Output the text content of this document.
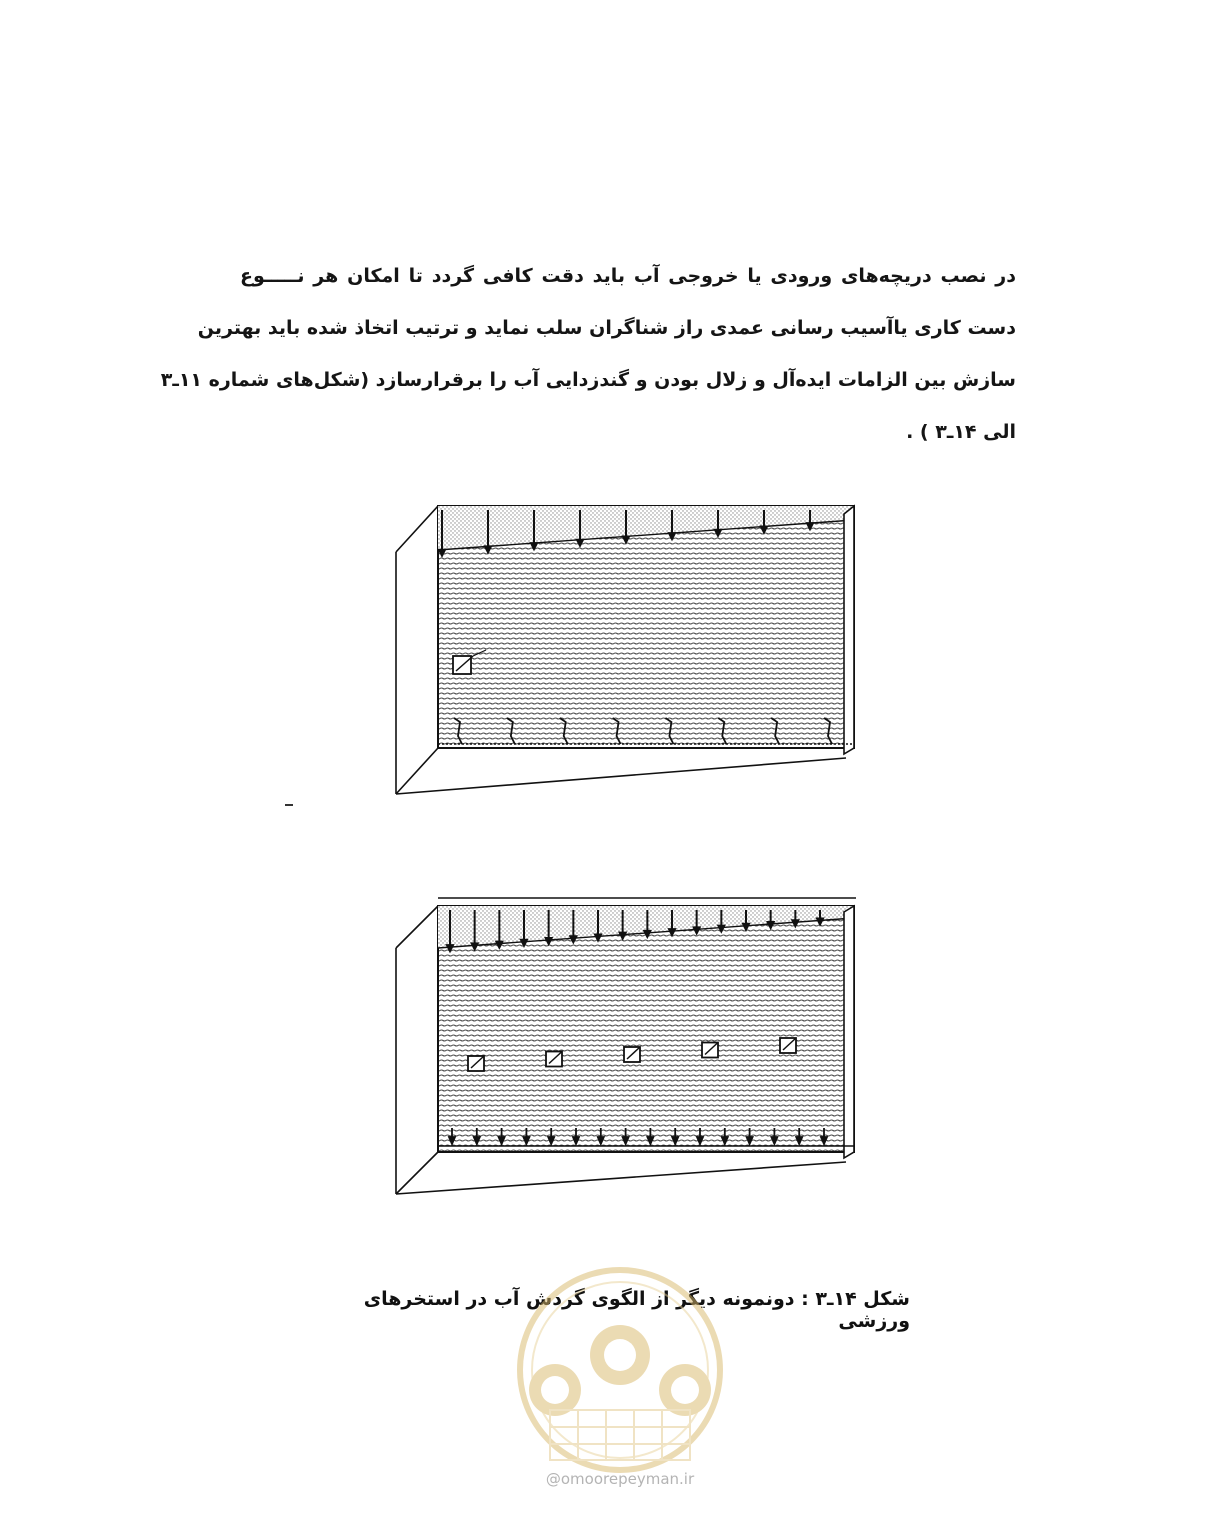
در نصب دریچه‌های ورودی یا خروجی آب باید دقت کافی گردد تا امکان هر نـــــوع
دست کاری یاآسیب رسانی عمدی راز شناگران سلب نماید و ترتیب اتخاذ شده باید بهترین
سازش بین الزامات ایده‌آل و زلال بودن و گندزدایی آب را برقرارسازد (شکل‌های شماره ۱۱ـ۳
الی ۱۴ـ۳ ) .
شکل ۱۴ـ۳ : دونمونه دیگر از الگوی گردش آب در استخرهای ورزشی
@omoorepeyman.ir
